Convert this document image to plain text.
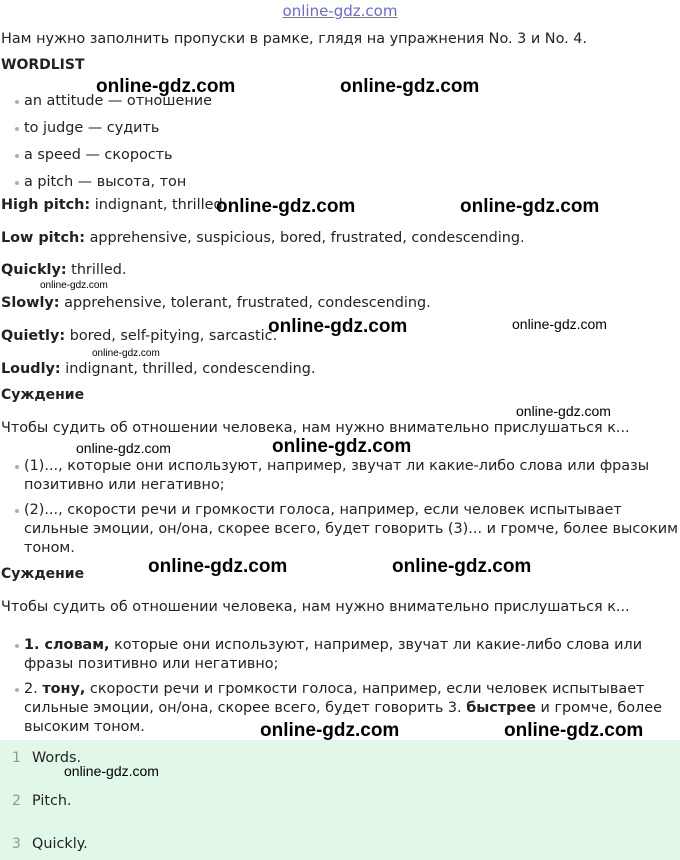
online-gdz.com
Нам нужно заполнить пропуски в рамке, глядя на упражнения No. 3 и No. 4.
WORDLIST
an attitude — отношение
to judge — судить
a speed — скорость
a pitch — высота, тон
High pitch: indignant, thrilled.
Low pitch: apprehensive, suspicious, bored, frustrated, condescending.
Quickly: thrilled.
Slowly: apprehensive, tolerant, frustrated, condescending.
Quietly: bored, self-pitying, sarcastic.
Loudly: indignant, thrilled, condescending.
Суждение
Чтобы судить об отношении человека, нам нужно внимательно прислушаться к...
(1)..., которые они используют, например, звучат ли какие-либо слова или фразы позитивно или негативно;
(2)..., скорости речи и громкости голоса, например, если человек испытывает сильные эмоции, он/она, скорее всего, будет говорить (3)... и громче, более высоким тоном.
Суждение
Чтобы судить об отношении человека, нам нужно внимательно прислушаться к...
1. словам, которые они используют, например, звучат ли какие-либо слова или фразы позитивно или негативно;
2. тону, скорости речи и громкости голоса, например, если человек испытывает сильные эмоции, он/она, скорее всего, будет говорить 3. быстрее и громче, более высоким тоном.
1 Words.
2 Pitch.
3 Quickly.
online-gdz.com	online-gdz.com
online-gdz.com	online-gdz.com
online-gdz.com
online-gdz.com	online-gdz.com
online-gdz.com
online-gdz.com
online-gdz.com	online-gdz.com
online-gdz.com	online-gdz.com
online-gdz.com	online-gdz.com
online-gdz.com
